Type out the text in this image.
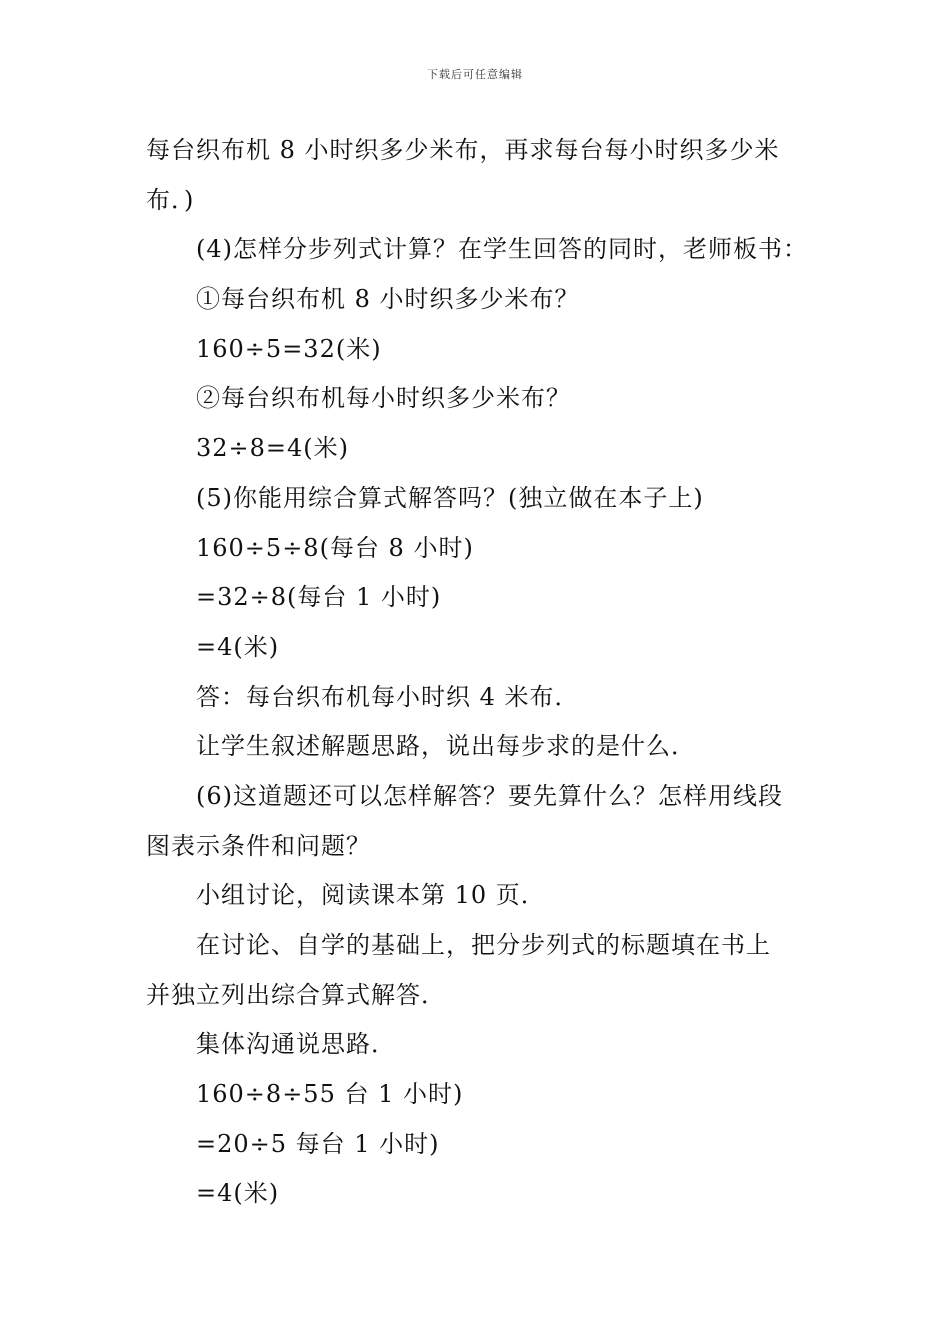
下载后可任意编辑
每台织布机 8 小时织多少米布，再求每台每小时织多少米
布．)
(4)怎样分步列式计算？在学生回答的同时，老师板书：
①每台织布机 8 小时织多少米布？
160÷5=32(米)
②每台织布机每小时织多少米布？
32÷8=4(米)
(5)你能用综合算式解答吗？(独立做在本子上)
160÷5÷8(每台 8 小时)
=32÷8(每台 1 小时)
=4(米)
答：每台织布机每小时织 4 米布．
让学生叙述解题思路，说出每步求的是什么．
(6)这道题还可以怎样解答？要先算什么？怎样用线段
图表示条件和问题？
小组讨论，阅读课本第 10 页．
在讨论、自学的基础上，把分步列式的标题填在书上
并独立列出综合算式解答．
集体沟通说思路．
160÷8÷55 台 1 小时)
=20÷5 每台 1 小时)
=4(米)
